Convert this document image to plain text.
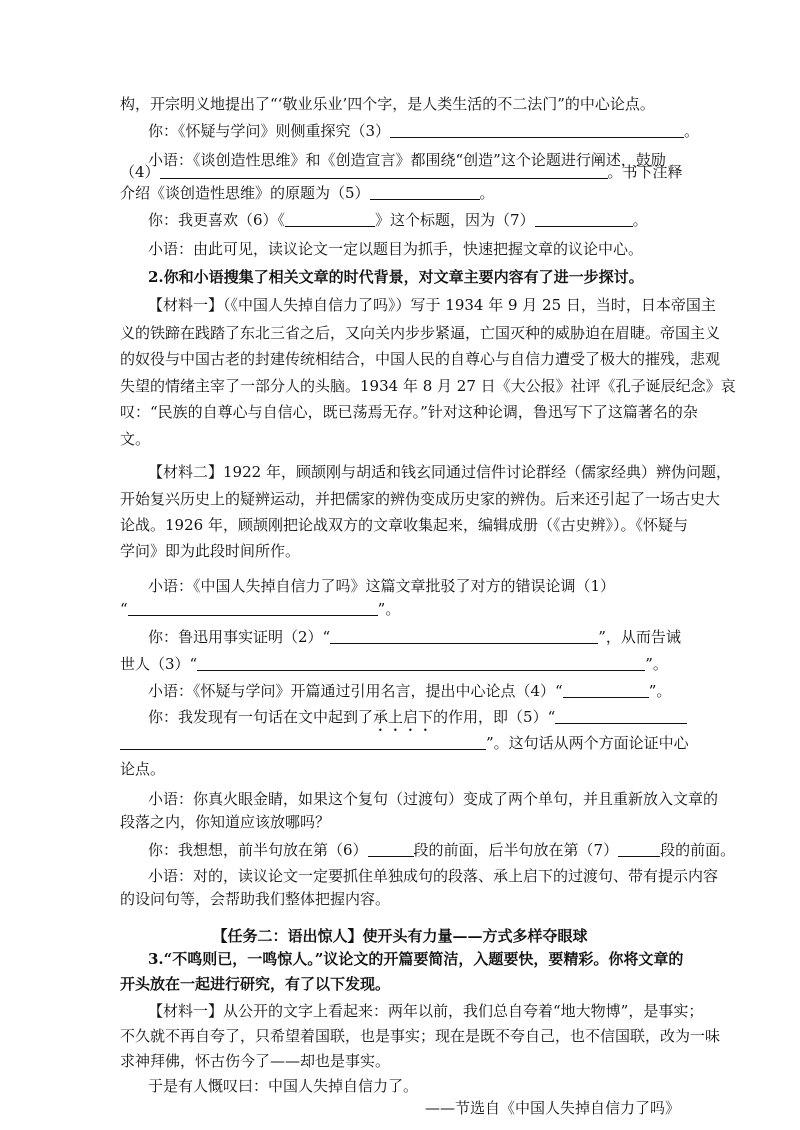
构，开宗明义地提出了“‘敬业乐业’四个字，是人类生活的不二法门”的中心论点。
你：《怀疑与学问》则侧重探究（3）	。
小语：《谈创造性思维》和《创造宣言》都围绕“创造”这个论题进行阐述，鼓励
（4）	。书下注释
介绍《谈创造性思维》的原题为（5）	。
你：我更喜欢（6）《	》这个标题，因为（7）	。
小语：由此可见，读议论文一定以题目为抓手，快速把握文章的议论中心。
2.你和小语搜集了相关文章的时代背景，对文章主要内容有了进一步探讨。
【材料一】（《中国人失掉自信力了吗》）写于 1934 年 9 月 25 日，当时，日本帝国主
义的铁蹄在践踏了东北三省之后，又向关内步步紧逼，亡国灭种的威胁迫在眉睫。帝国主义
的奴役与中国古老的封建传统相结合，中国人民的自尊心与自信力遭受了极大的摧残，悲观
失望的情绪主宰了一部分人的头脑。1934 年 8 月 27 日《大公报》社评《孔子诞辰纪念》哀
叹：“民族的自尊心与自信心，既已荡焉无存。”针对这种论调，鲁迅写下了这篇著名的杂
文。
【材料二】1922 年，顾颉刚与胡适和钱玄同通过信件讨论群经（儒家经典）辨伪问题，
开始复兴历史上的疑辨运动，并把儒家的辨伪变成历史家的辨伪。后来还引起了一场古史大
论战。1926 年，顾颉刚把论战双方的文章收集起来，编辑成册（《古史辨》）。《怀疑与
学问》即为此段时间所作。
小语：《中国人失掉自信力了吗》这篇文章批驳了对方的错误论调（1）
“	”。
你：鲁迅用事实证明（2）“	”，从而告诫
世人（3）“	”。
小语：《怀疑与学问》开篇通过引用名言，提出中心论点（4）“	”。
你：我发现有一句话在文中起到了承上启下的作用，即（5）“
”。这句话从两个方面论证中心
论点。
小语：你真火眼金睛，如果这个复句（过渡句）变成了两个单句，并且重新放入文章的
段落之内，你知道应该放哪吗？
你：我想想，前半句放在第（6）	段的前面，后半句放在第（7）	段的前面。
小语：对的，读议论文一定要抓住单独成句的段落、承上启下的过渡句、带有提示内容
的设问句等，会帮助我们整体把握内容。
【任务二：语出惊人】使开头有力量——方式多样夺眼球
3.“不鸣则已，一鸣惊人。”议论文的开篇要简洁，入题要快，要精彩。你将文章的
开头放在一起进行研究，有了以下发现。
【材料一】从公开的文字上看起来：两年以前，我们总自夸着“地大物博”，是事实；
不久就不再自夸了，只希望着国联，也是事实；现在是既不夸自己，也不信国联，改为一味
求神拜佛，怀古伤今了——却也是事实。
于是有人慨叹曰：中国人失掉自信力了。
——节选自《中国人失掉自信力了吗》
